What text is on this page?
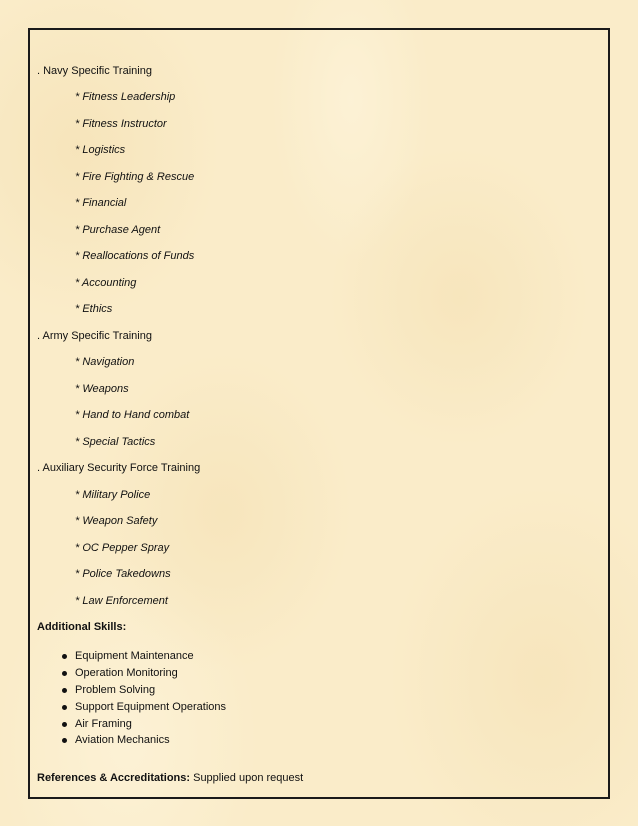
. Navy Specific Training
* Fitness Leadership
* Fitness Instructor
* Logistics
* Fire Fighting & Rescue
* Financial
* Purchase Agent
* Reallocations of Funds
* Accounting
* Ethics
. Army Specific Training
* Navigation
* Weapons
* Hand to Hand combat
* Special Tactics
. Auxiliary Security Force Training
* Military Police
* Weapon Safety
* OC Pepper Spray
* Police Takedowns
* Law Enforcement
Additional Skills:
Equipment Maintenance
Operation Monitoring
Problem Solving
Support Equipment Operations
Air Framing
Aviation Mechanics
References & Accreditations: Supplied upon request
